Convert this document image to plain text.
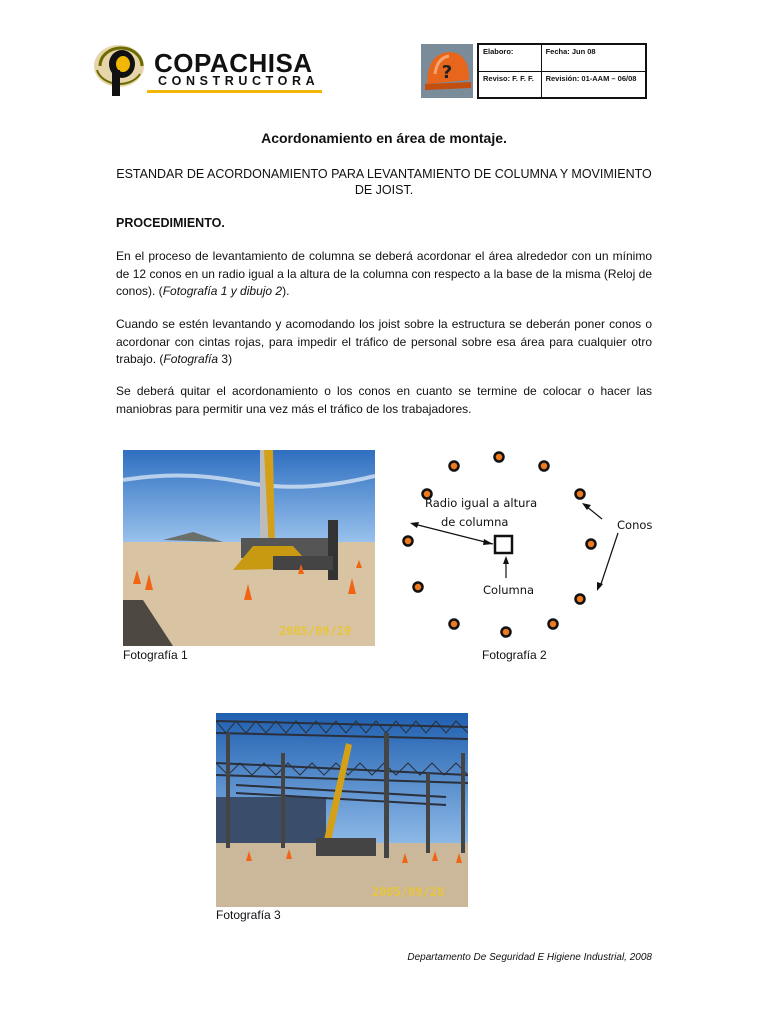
COPACHISA
CONSTRUCTORA	?
Elaboro:	Fecha: Jun 08
Reviso: F. F. F.	Revisión: 01-AAM – 06/08
Acordonamiento en área de montaje.
ESTANDAR DE ACORDONAMIENTO PARA LEVANTAMIENTO DE COLUMNA Y MOVIMIENTO DE JOIST.
PROCEDIMIENTO.
En el proceso de levantamiento de columna se deberá acordonar el área alrededor con un mínimo de 12 conos en un radio igual a la altura de la columna con respecto a la base de la misma (Reloj de conos). (Fotografía 1 y dibujo 2).
Cuando se estén levantando y acomodando los joist sobre la estructura se deberán poner conos o acordonar con cintas rojas, para impedir el tráfico de personal sobre esa área para cualquier otro trabajo. (Fotografía 3)
Se deberá quitar el acordonamiento o los conos en cuanto se termine de colocar o hacer las maniobras para permitir una vez más el tráfico de los trabajadores.
2005/09/19
Fotografía 1
Radio igual a altura
de columna
Columna
Conos
Fotografía 2
2005/09/28
Fotografía 3
Departamento De Seguridad E Higiene Industrial, 2008
